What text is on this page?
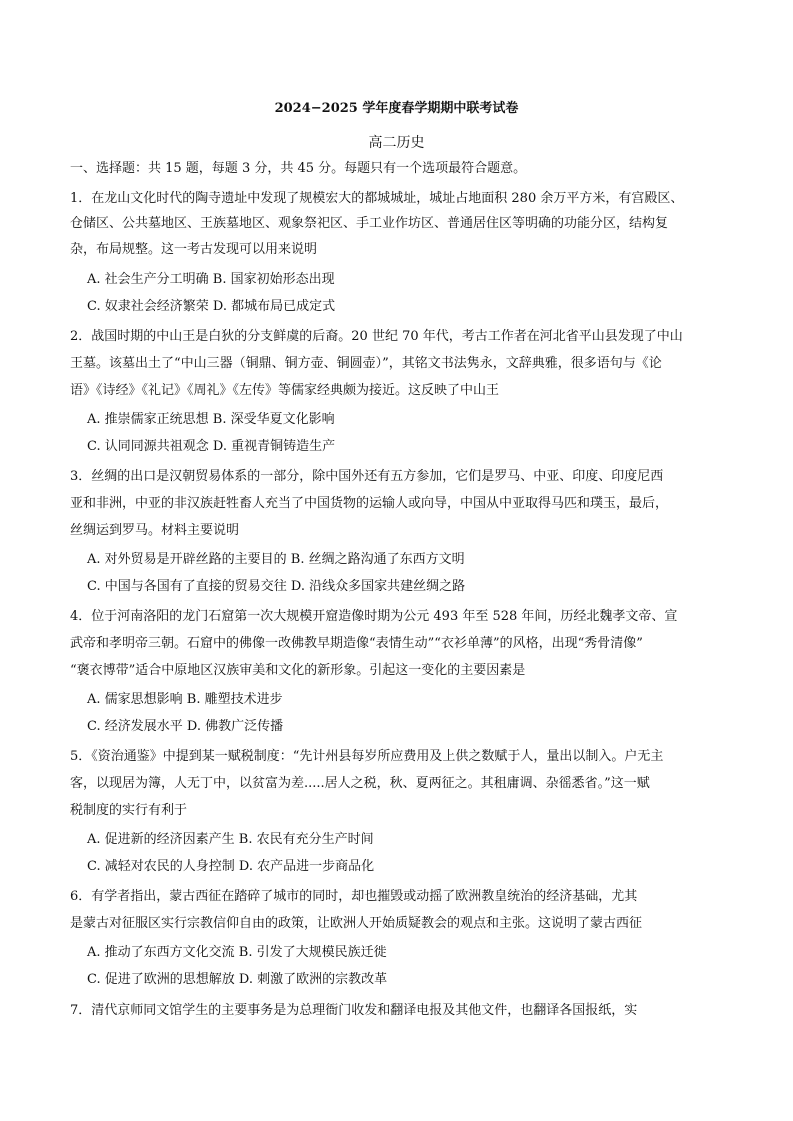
2024−2025 学年度春学期期中联考试卷
高二历史
一、选择题：共 15 题，每题 3 分，共 45 分。每题只有一个选项最符合题意。
1．在龙山文化时代的陶寺遗址中发现了规模宏大的都城城址，城址占地面积 280 余万平方米，有宫殿区、
仓储区、公共墓地区、王族墓地区、观象祭祀区、手工业作坊区、普通居住区等明确的功能分区，结构复
杂，布局规整。这一考古发现可以用来说明
A. 社会生产分工明确 B. 国家初始形态出现
C. 奴隶社会经济繁荣 D. 都城布局已成定式
2．战国时期的中山王是白狄的分支鲜虞的后裔。20 世纪 70 年代，考古工作者在河北省平山县发现了中山
王墓。该墓出土了“中山三器（铜鼎、铜方壶、铜圆壶）”，其铭文书法隽永，文辞典雅，很多语句与《论
语》《诗经》《礼记》《周礼》《左传》等儒家经典颇为接近。这反映了中山王
A. 推崇儒家正统思想 B. 深受华夏文化影响
C. 认同同源共祖观念 D. 重视青铜铸造生产
3．丝绸的出口是汉朝贸易体系的一部分，除中国外还有五方参加，它们是罗马、中亚、印度、印度尼西
亚和非洲，中亚的非汉族赶牲畜人充当了中国货物的运输人或向导，中国从中亚取得马匹和璞玉，最后，
丝绸运到罗马。材料主要说明
A. 对外贸易是开辟丝路的主要目的 B. 丝绸之路沟通了东西方文明
C. 中国与各国有了直接的贸易交往 D. 沿线众多国家共建丝绸之路
4．位于河南洛阳的龙门石窟第一次大规模开窟造像时期为公元 493 年至 528 年间，历经北魏孝文帝、宣
武帝和孝明帝三朝。石窟中的佛像一改佛教早期造像“表情生动”“衣衫单薄”的风格，出现“秀骨清像”
“褒衣博带”适合中原地区汉族审美和文化的新形象。引起这一变化的主要因素是
A. 儒家思想影响 B. 雕塑技术进步
C. 经济发展水平 D. 佛教广泛传播
5．《资治通鉴》中提到某一赋税制度：“先计州县每岁所应费用及上供之数赋于人，量出以制入。户无主
客，以现居为簿，人无丁中，以贫富为差.....居人之税，秋、夏两征之。其租庸调、杂徭悉省。”这一赋
税制度的实行有利于
A. 促进新的经济因素产生 B. 农民有充分生产时间
C. 减轻对农民的人身控制 D. 农产品进一步商品化
6．有学者指出，蒙古西征在踏碎了城市的同时，却也摧毁或动摇了欧洲教皇统治的经济基础，尤其
是蒙古对征服区实行宗教信仰自由的政策，让欧洲人开始质疑教会的观点和主张。这说明了蒙古西征
A. 推动了东西方文化交流 B. 引发了大规模民族迁徙
C. 促进了欧洲的思想解放 D. 刺激了欧洲的宗教改革
7．清代京师同文馆学生的主要事务是为总理衙门收发和翻译电报及其他文件，也翻译各国报纸，实
